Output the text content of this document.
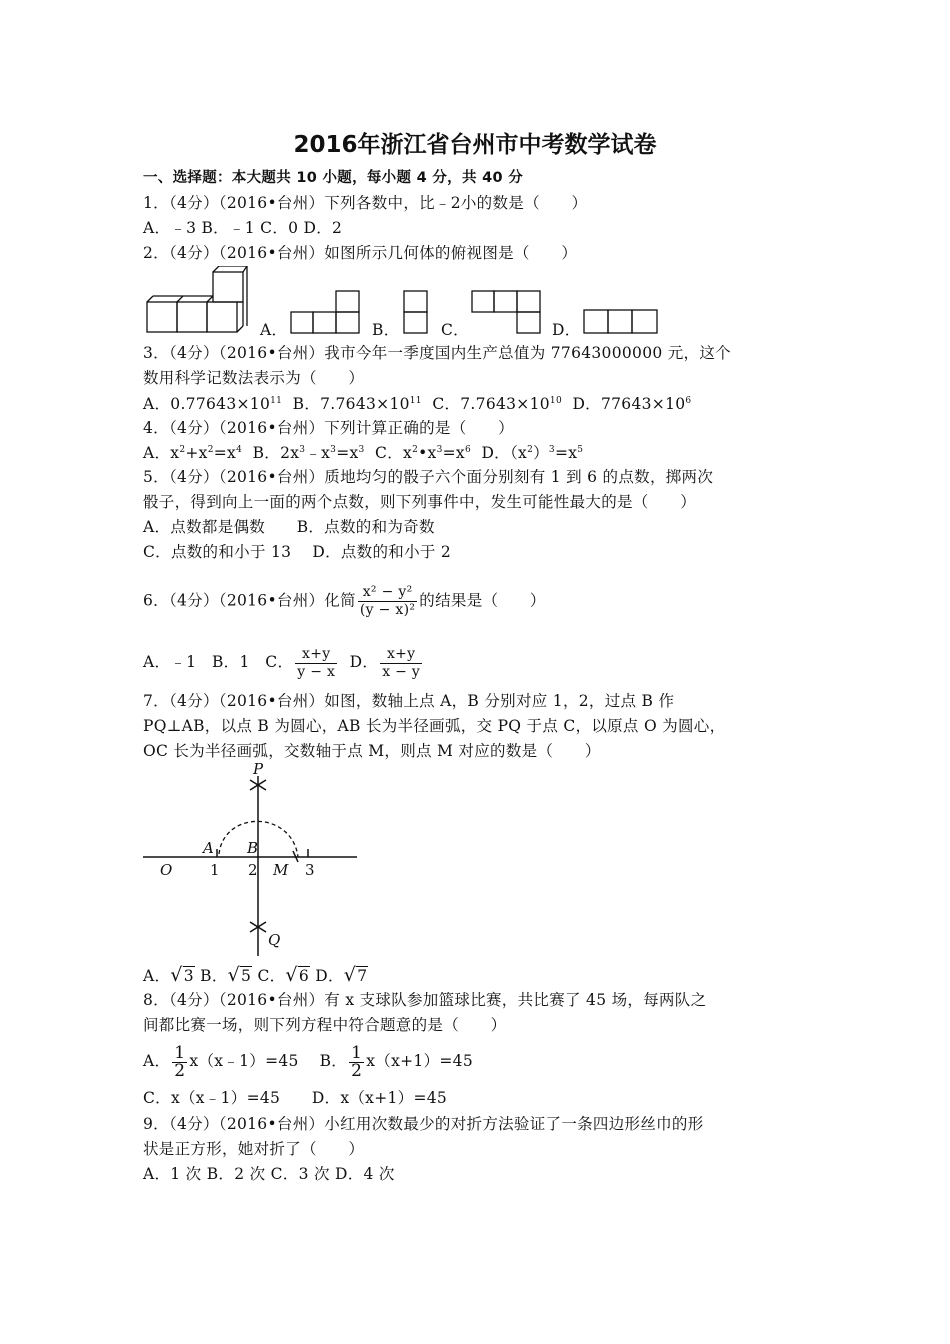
2016年浙江省台州市中考数学试卷
一、选择题：本大题共 10 小题，每小题 4 分，共 40 分
1．（4分）（2016•台州）下列各数中，比﹣2小的数是（　　）
A．﹣3 B．﹣1 C．0 D．2
2．（4分）（2016•台州）如图所示几何体的俯视图是（　　）
A．	B．	C．	D．
3．（4分）（2016•台州）我市今年一季度国内生产总值为 77643000000 元，这个
数用科学记数法表示为（　　）
A．$0.77643\times 10^{11}$ B．$7.7643\times 10^{11}$ C．$7.7643\times 10^{10}$ D．$77643\times 10^6$
4．（4分）（2016•台州）下列计算正确的是（　　）
A．$x^2+x^2=x^4$ B．$2x^3﹣x^3=x^3$ C．$x^2•x^3=x^6$ D．$(x^2)^3=x^5$
5．（4分）（2016•台州）质地均匀的骰子六个面分别刻有 1 到 6 的点数，掷两次
骰子，得到向上一面的两个点数，则下列事件中，发生可能性最大的是（　　）
A．点数都是偶数　　B．点数的和为奇数
C．点数的和小于 13　 D．点数的和小于 2
6．（4分）（2016•台州）化简 $\frac{\text{x² − y²}}{\text{(y − x)²}}$ 的结果是（　　）
A．﹣1 B．1 C． $\frac{x+y}{y - x}$ D． $\frac{x+y}{x - y}$
7．（4分）（2016•台州）如图，数轴上点 A，B 分别对应 1，2，过点 B 作
PQ⊥AB，以点 B 为圆心，AB 长为半径画弧，交 PQ 于点 C，以原点 O 为圆心，
OC 长为半径画弧，交数轴于点 M，则点 M 对应的数是（　　）
P
Q
A B
O	M
1 2	3
A．√3 B．√5 C．√6 D．√7
8．（4分）（2016•台州）有 x 支球队参加篮球比赛，共比赛了 45 场，每两队之
间都比赛一场，则下列方程中符合题意的是（　　）
A． $\frac{1}{2}$ x（x﹣1）=45 B． $\frac{1}{2} x(x+1)=45$
C．x（x﹣1）=45　　D．x（x+1）=45
9．（4分）（2016•台州）小红用次数最少的对折方法验证了一条四边形丝巾的形
状是正方形，她对折了（　　）
A．1 次 B．2 次 C．3 次 D．4 次
